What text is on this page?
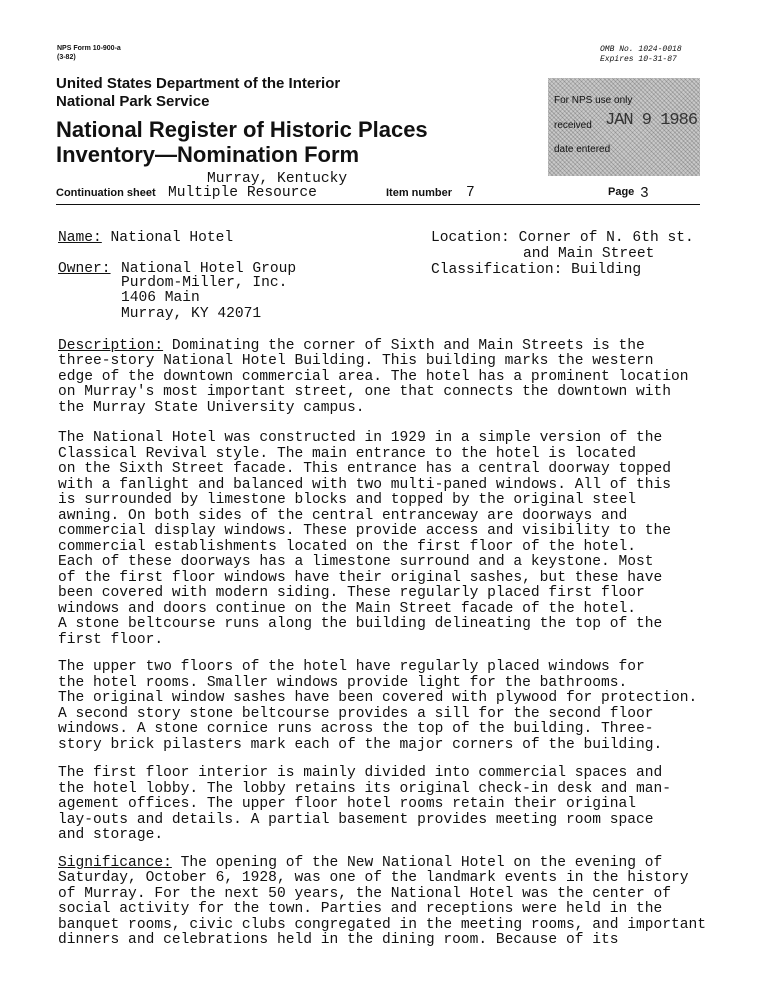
NPS Form 10-900-a
(3-82)
OMB No. 1024-0018
Expires 10-31-87
United States Department of the Interior
National Park Service
National Register of Historic Places
Inventory—Nomination Form
For NPS use only
received JAN 9 1986
date entered
Murray, Kentucky
Continuation sheet Multiple Resource	Item number 7	Page 3
Name: National Hotel	Location: Corner of N. 6th st.
and Main Street
Classification: Building
Owner: National Hotel Group
Purdom-Miller, Inc.
1406 Main
Murray, KY 42071
Description: Dominating the corner of Sixth and Main Streets is the
three-story National Hotel Building. This building marks the western
edge of the downtown commercial area. The hotel has a prominent location
on Murray's most important street, one that connects the downtown with
the Murray State University campus.
The National Hotel was constructed in 1929 in a simple version of the
Classical Revival style. The main entrance to the hotel is located
on the Sixth Street facade. This entrance has a central doorway topped
with a fanlight and balanced with two multi-paned windows. All of this
is surrounded by limestone blocks and topped by the original steel
awning. On both sides of the central entranceway are doorways and
commercial display windows. These provide access and visibility to the
commercial establishments located on the first floor of the hotel.
Each of these doorways has a limestone surround and a keystone. Most
of the first floor windows have their original sashes, but these have
been covered with modern siding. These regularly placed first floor
windows and doors continue on the Main Street facade of the hotel.
A stone beltcourse runs along the building delineating the top of the
first floor.
The upper two floors of the hotel have regularly placed windows for
the hotel rooms. Smaller windows provide light for the bathrooms.
The original window sashes have been covered with plywood for protection.
A second story stone beltcourse provides a sill for the second floor
windows. A stone cornice runs across the top of the building. Three-
story brick pilasters mark each of the major corners of the building.
The first floor interior is mainly divided into commercial spaces and
the hotel lobby. The lobby retains its original check-in desk and man-
agement offices. The upper floor hotel rooms retain their original
lay-outs and details. A partial basement provides meeting room space
and storage.
Significance: The opening of the New National Hotel on the evening of
Saturday, October 6, 1928, was one of the landmark events in the history
of Murray. For the next 50 years, the National Hotel was the center of
social activity for the town. Parties and receptions were held in the
banquet rooms, civic clubs congregated in the meeting rooms, and important
dinners and celebrations held in the dining room. Because of its
